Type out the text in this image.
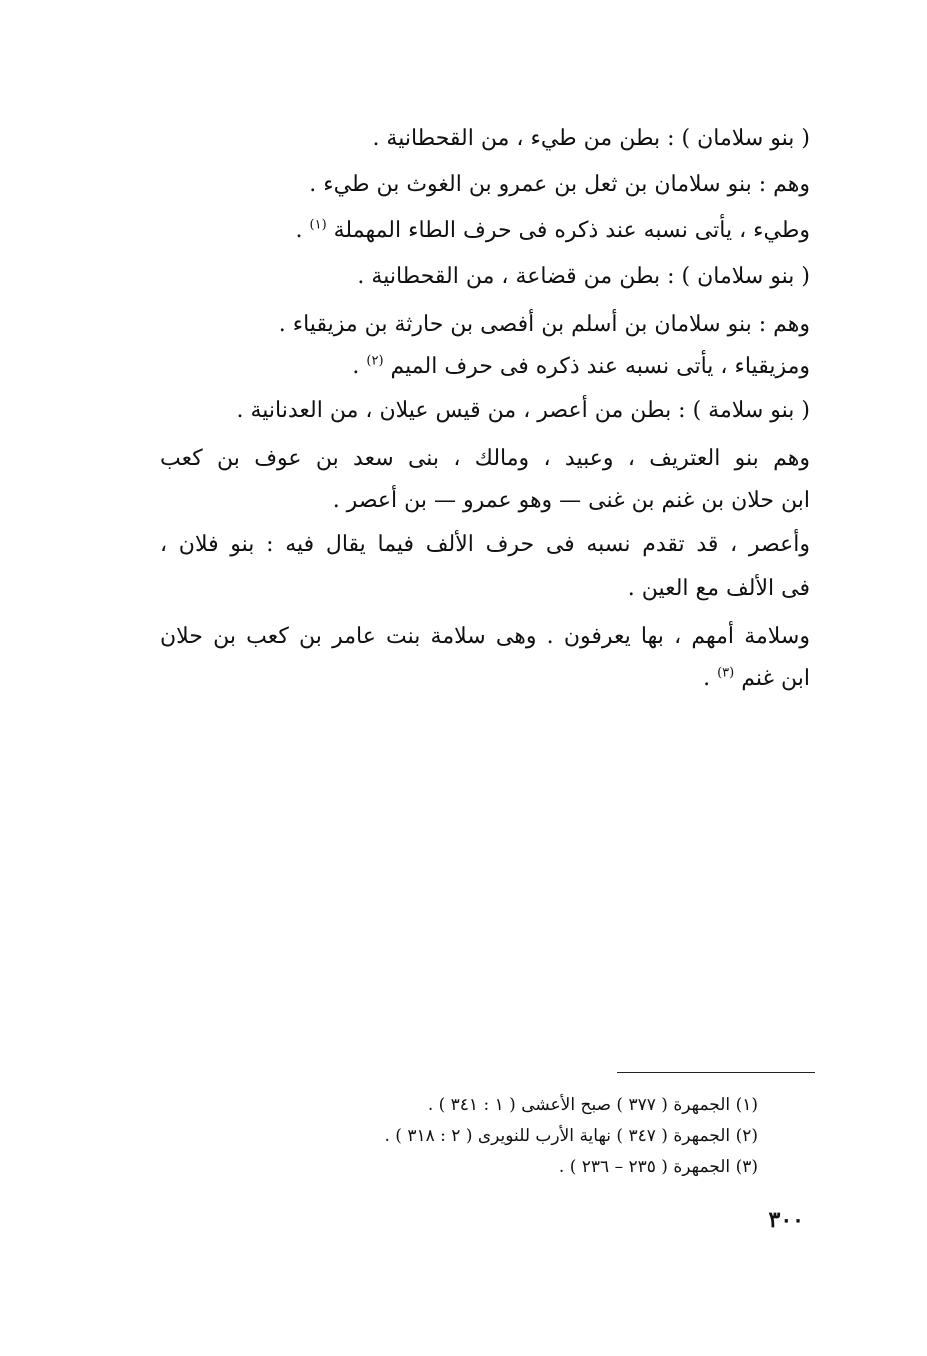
( بنو سلامان ) : بطن من طيء ، من القحطانية .
وهم : بنو سلامان بن ثعل بن عمرو بن الغوث بن طيء .
وطيء ، يأتى نسبه عند ذكره فى حرف الطاء المهملة $^{(١)}$ .
( بنو سلامان ) : بطن من قضاعة ، من القحطانية .
وهم : بنو سلامان بن أسلم بن أفصى بن حارثة بن مزيقياء .
ومزيقياء ، يأتى نسبه عند ذكره فى حرف الميم $^{(٢)}$ .
( بنو سلامة ) : بطن من أعصر ، من قيس عيلان ، من العدنانية .
وهم بنو العتريف ، وعبيد ، ومالك ، بنى سعد بن عوف بن كعب
ابن حلان بن غنم بن غنى — وهو عمرو — بن أعصر .
وأعصر ، قد تقدم نسبه فى حرف الألف فيما يقال فيه : بنو فلان ،
فى الألف مع العين .
وسلامة أمهم ، بها يعرفون . وهى سلامة بنت عامر بن كعب بن حلان
ابن غنم $^{(٣)}$ .
(١) الجمهرة ( ٣٧٧ ) صبح الأعشى ( ١ : ٣٤١ ) .
(٢) الجمهرة ( ٣٤٧ ) نهاية الأرب للنويرى ( ٢ : ٣١٨ ) .
(٣) الجمهرة ( ٢٣٥ – ٢٣٦ ) .
٣٠٠
